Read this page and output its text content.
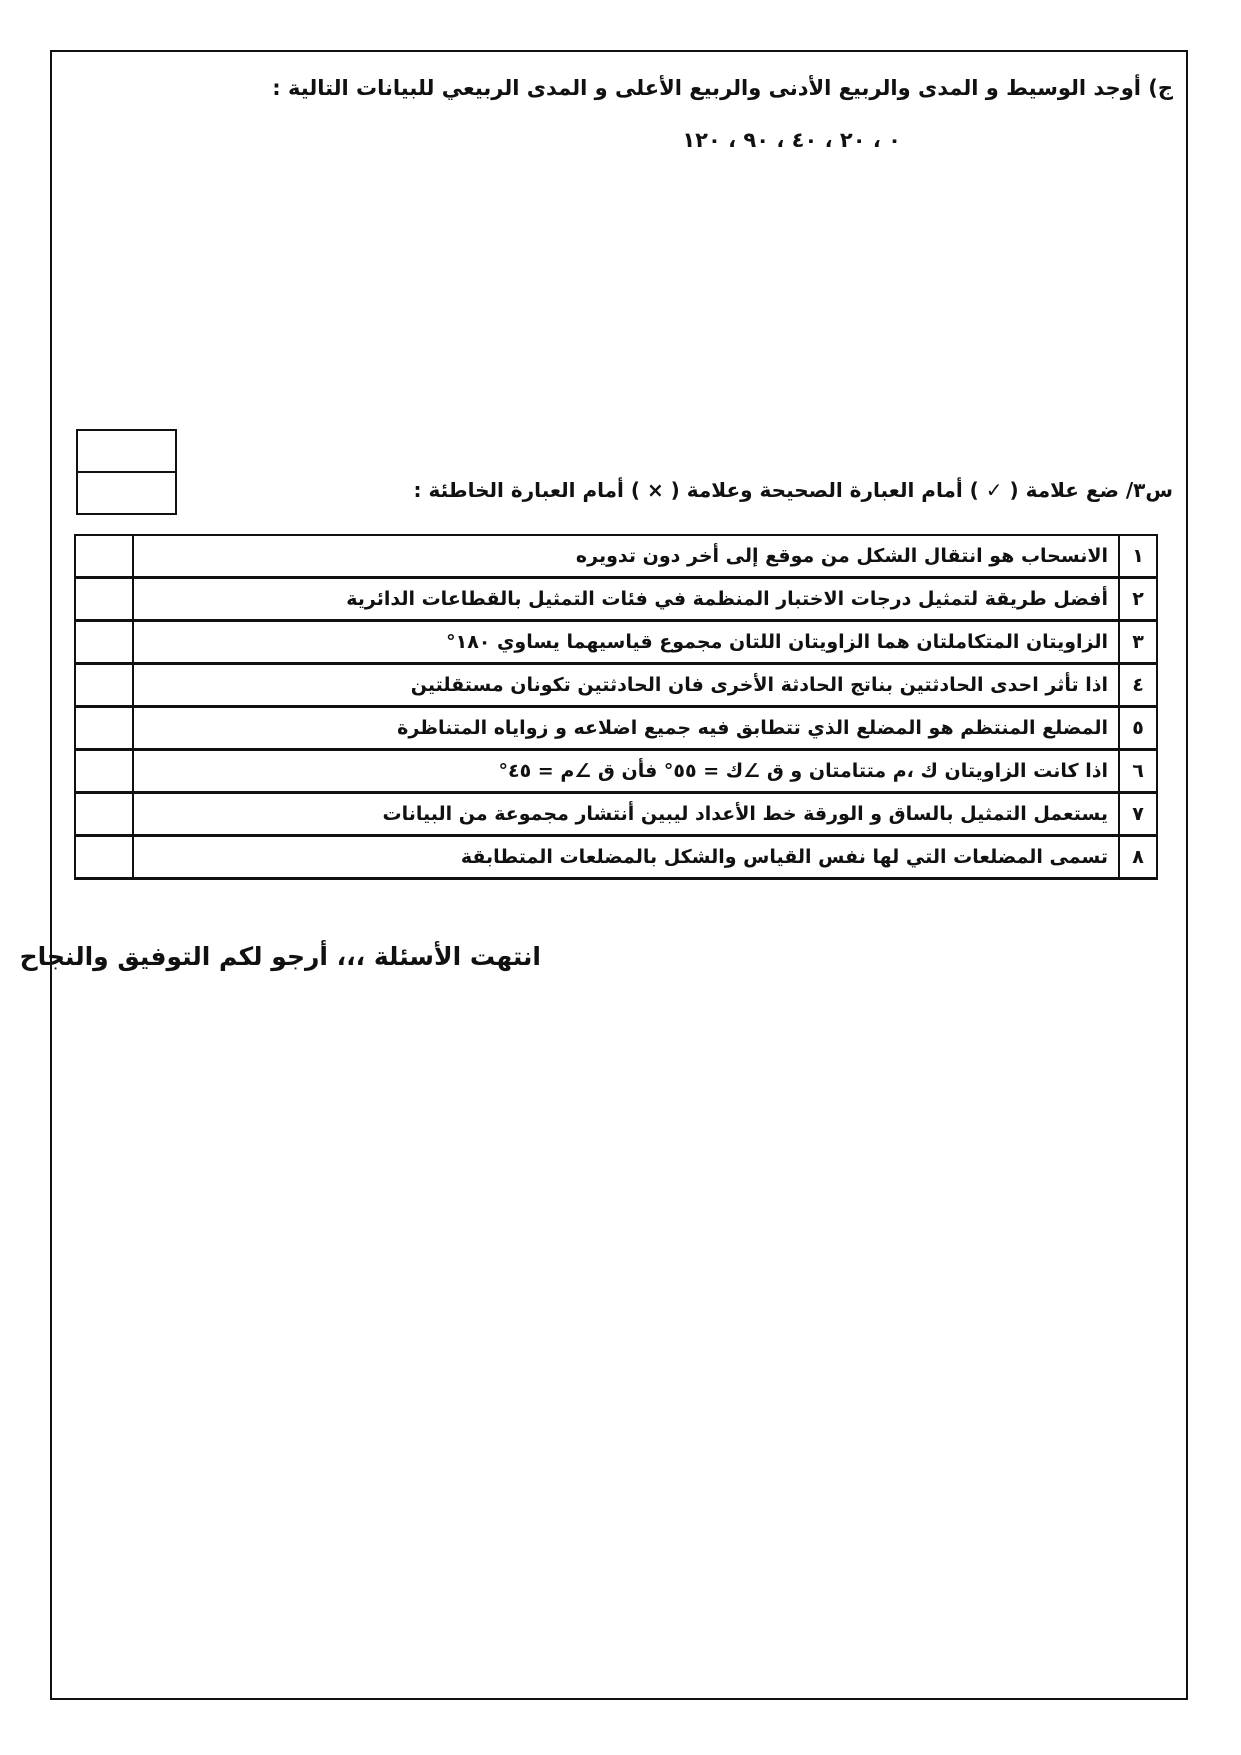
ج) أوجد الوسيط و المدى والربيع الأدنى والربيع الأعلى و المدى الربيعي للبيانات التالية :
٠ ، ٢٠ ، ٤٠ ، ٩٠ ، ١٢٠
س٣/ ضع علامة ( ✓ ) أمام العبارة الصحيحة وعلامة ( × ) أمام العبارة الخاطئة :
١	الانسحاب هو انتقال الشكل من موقع إلى أخر دون تدويره	
٢	أفضل طريقة لتمثيل درجات الاختبار المنظمة في فئات التمثيل بالقطاعات الدائرية	
٣	الزاويتان المتكاملتان هما الزاويتان اللتان مجموع قياسيهما يساوي ١٨٠°	
٤	اذا تأثر احدى الحادثتين بناتج الحادثة الأخرى فان الحادثتين تكونان مستقلتين	
٥	المضلع المنتظم هو المضلع الذي تتطابق فيه جميع اضلاعه و زواياه المتناظرة	
٦	اذا كانت الزاويتان ك ،م متتامتان و ق ∠ك = ٥٥° فأن ق ∠م = ٤٥°	
٧	يستعمل التمثيل بالساق و الورقة خط الأعداد ليبين أنتشار مجموعة من البيانات	
٨	تسمى المضلعات التي لها نفس القياس والشكل بالمضلعات المتطابقة	
انتهت الأسئلة ،،، أرجو لكم التوفيق والنجاح
